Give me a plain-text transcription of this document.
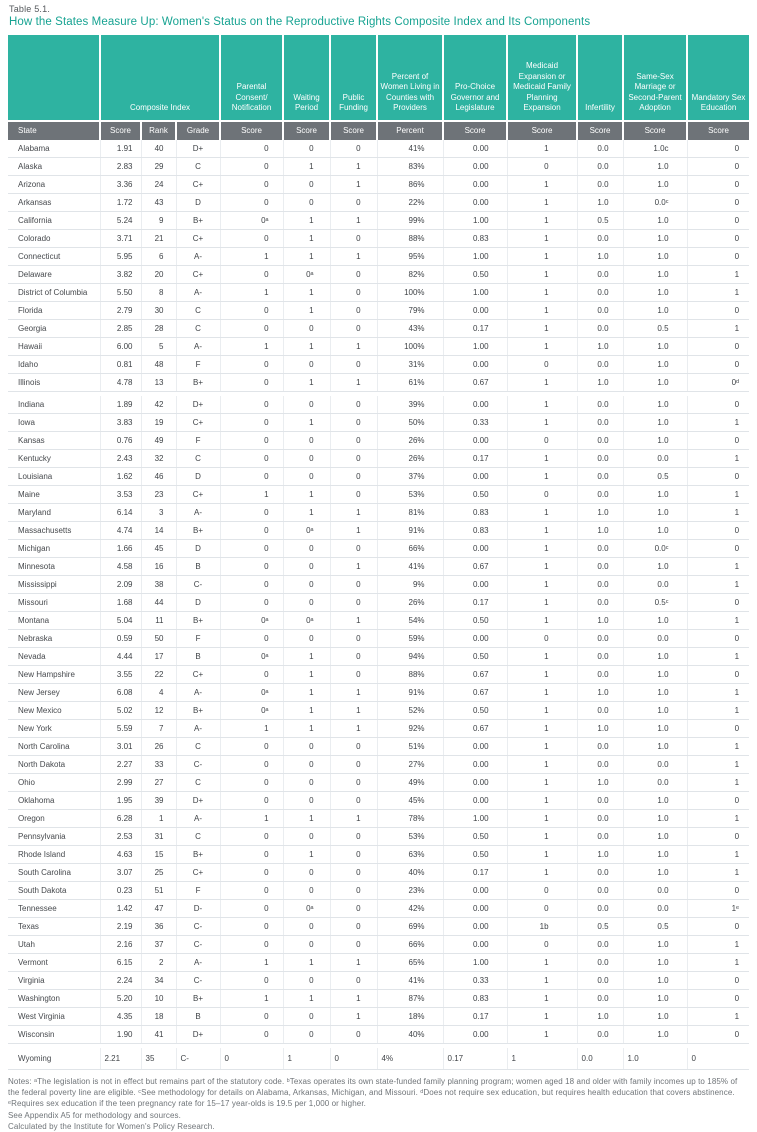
Table 5.1.
How the States Measure Up: Women's Status on the Reproductive Rights Composite Index and Its Components
	Composite Index			Parental Consent/ Notification	Waiting Period	Public Funding	Percent of Women Living in Counties with Providers	Pro-Choice Governor and Legislature	Medicaid Expansion or Medicaid Family Planning Expansion	Infertility	Same-Sex Marriage or Second-Parent Adoption	Mandatory Sex Education
State	Score	Rank	Grade	Score	Score	Score	Percent	Score	Score	Score	Score	Score
Alabama	1.91	40	D+	0	0	0	41%	0.00	1	0.0	1.0c	0
Alaska	2.83	29	C	0	1	1	83%	0.00	0	0.0	1.0	0
Arizona	3.36	24	C+	0	0	1	86%	0.00	1	0.0	1.0	0
Arkansas	1.72	43	D	0	0	0	22%	0.00	1	1.0	0.0ᶜ	0
California	5.24	9	B+	0ᵃ	1	1	99%	1.00	1	0.5	1.0	0
Colorado	3.71	21	C+	0	1	0	88%	0.83	1	0.0	1.0	0
Connecticut	5.95	6	A-	1	1	1	95%	1.00	1	1.0	1.0	0
Delaware	3.82	20	C+	0	0ᵃ	0	82%	0.50	1	0.0	1.0	1
District of Columbia	5.50	8	A-	1	1	0	100%	1.00	1	0.0	1.0	1
Florida	2.79	30	C	0	1	0	79%	0.00	1	0.0	1.0	0
Georgia	2.85	28	C	0	0	0	43%	0.17	1	0.0	0.5	1
Hawaii	6.00	5	A-	1	1	1	100%	1.00	1	1.0	1.0	0
Idaho	0.81	48	F	0	0	0	31%	0.00	0	0.0	1.0	0
Illinois	4.78	13	B+	0	1	1	61%	0.67	1	1.0	1.0	0ᵈ

Indiana	1.89	42	D+	0	0	0	39%	0.00	1	0.0	1.0	0
Iowa	3.83	19	C+	0	1	0	50%	0.33	1	0.0	1.0	1
Kansas	0.76	49	F	0	0	0	26%	0.00	0	0.0	1.0	0
Kentucky	2.43	32	C	0	0	0	26%	0.17	1	0.0	0.0	1
Louisiana	1.62	46	D	0	0	0	37%	0.00	1	0.0	0.5	0
Maine	3.53	23	C+	1	1	0	53%	0.50	0	0.0	1.0	1
Maryland	6.14	3	A-	0	1	1	81%	0.83	1	1.0	1.0	1
Massachusetts	4.74	14	B+	0	0ᵃ	1	91%	0.83	1	1.0	1.0	0
Michigan	1.66	45	D	0	0	0	66%	0.00	1	0.0	0.0ᶜ	0
Minnesota	4.58	16	B	0	0	1	41%	0.67	1	0.0	1.0	1
Mississippi	2.09	38	C-	0	0	0	9%	0.00	1	0.0	0.0	1
Missouri	1.68	44	D	0	0	0	26%	0.17	1	0.0	0.5ᶜ	0
Montana	5.04	11	B+	0ᵃ	0ᵃ	1	54%	0.50	1	1.0	1.0	1
Nebraska	0.59	50	F	0	0	0	59%	0.00	0	0.0	0.0	0
Nevada	4.44	17	B	0ᵃ	1	0	94%	0.50	1	0.0	1.0	1
New Hampshire	3.55	22	C+	0	1	0	88%	0.67	1	0.0	1.0	0
New Jersey	6.08	4	A-	0ᵃ	1	1	91%	0.67	1	1.0	1.0	1
New Mexico	5.02	12	B+	0ᵃ	1	1	52%	0.50	1	0.0	1.0	1
New York	5.59	7	A-	1	1	1	92%	0.67	1	1.0	1.0	0
North Carolina	3.01	26	C	0	0	0	51%	0.00	1	0.0	1.0	1
North Dakota	2.27	33	C-	0	0	0	27%	0.00	1	0.0	0.0	1
Ohio	2.99	27	C	0	0	0	49%	0.00	1	1.0	0.0	1
Oklahoma	1.95	39	D+	0	0	0	45%	0.00	1	0.0	1.0	0
Oregon	6.28	1	A-	1	1	1	78%	1.00	1	0.0	1.0	1
Pennsylvania	2.53	31	C	0	0	0	53%	0.50	1	0.0	1.0	0
Rhode Island	4.63	15	B+	0	1	0	63%	0.50	1	1.0	1.0	1
South Carolina	3.07	25	C+	0	0	0	40%	0.17	1	0.0	1.0	1
South Dakota	0.23	51	F	0	0	0	23%	0.00	0	0.0	0.0	0
Tennessee	1.42	47	D-	0	0ᵃ	0	42%	0.00	0	0.0	0.0	1ᵉ
Texas	2.19	36	C-	0	0	0	69%	0.00	1b	0.5	0.5	0
Utah	2.16	37	C-	0	0	0	66%	0.00	0	0.0	1.0	1
Vermont	6.15	2	A-	1	1	1	65%	1.00	1	0.0	1.0	1
Virginia	2.24	34	C-	0	0	0	41%	0.33	1	0.0	1.0	0
Washington	5.20	10	B+	1	1	1	87%	0.83	1	0.0	1.0	0
West Virginia	4.35	18	B	0	0	1	18%	0.17	1	1.0	1.0	1
Wisconsin	1.90	41	D+	0	0	0	40%	0.00	1	0.0	1.0	0

Wyoming	2.21	35	C-	0	1	0	4%	0.17	1	0.0	1.0	0

Notes: ᵃThe legislation is not in effect but remains part of the statutory code. ᵇTexas operates its own state-funded family planning program; women aged 18 and older with family incomes up to 185% of the federal poverty line are eligible. ᶜSee methodology for details on Alabama, Arkansas, Michigan, and Missouri. ᵈDoes not require sex education, but requires health education that covers abstinence. ᵉRequires sex education if the teen pregnancy rate for 15–17 year-olds is 19.5 per 1,000 or higher.

See Appendix A5 for methodology and sources.

Calculated by the Institute for Women's Policy Research.
